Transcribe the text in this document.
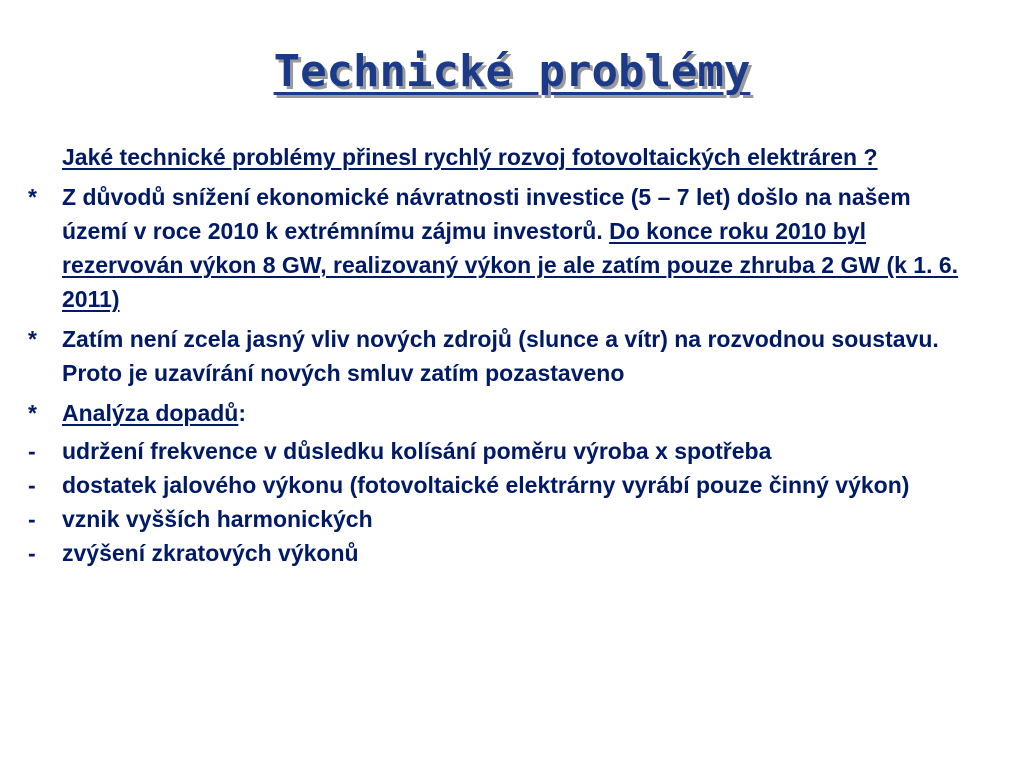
Technické problémy
Jaké technické problémy přinesl rychlý rozvoj fotovoltaických elektráren ?
*	Z důvodů snížení ekonomické návratnosti investice (5 – 7 let) došlo na našem území v roce 2010 k extrémnímu zájmu investorů. Do konce roku 2010 byl rezervován výkon 8 GW, realizovaný výkon je ale zatím pouze zhruba 2 GW (k 1. 6. 2011)
*	Zatím není zcela jasný vliv nových zdrojů (slunce a vítr) na rozvodnou soustavu. Proto je uzavírání nových smluv zatím pozastaveno
*	Analýza dopadů:
-	udržení frekvence v důsledku kolísání poměru výroba x spotřeba
-	dostatek jalového výkonu (fotovoltaické elektrárny vyrábí pouze činný výkon)
-	vznik vyšších harmonických
-	zvýšení zkratových výkonů
